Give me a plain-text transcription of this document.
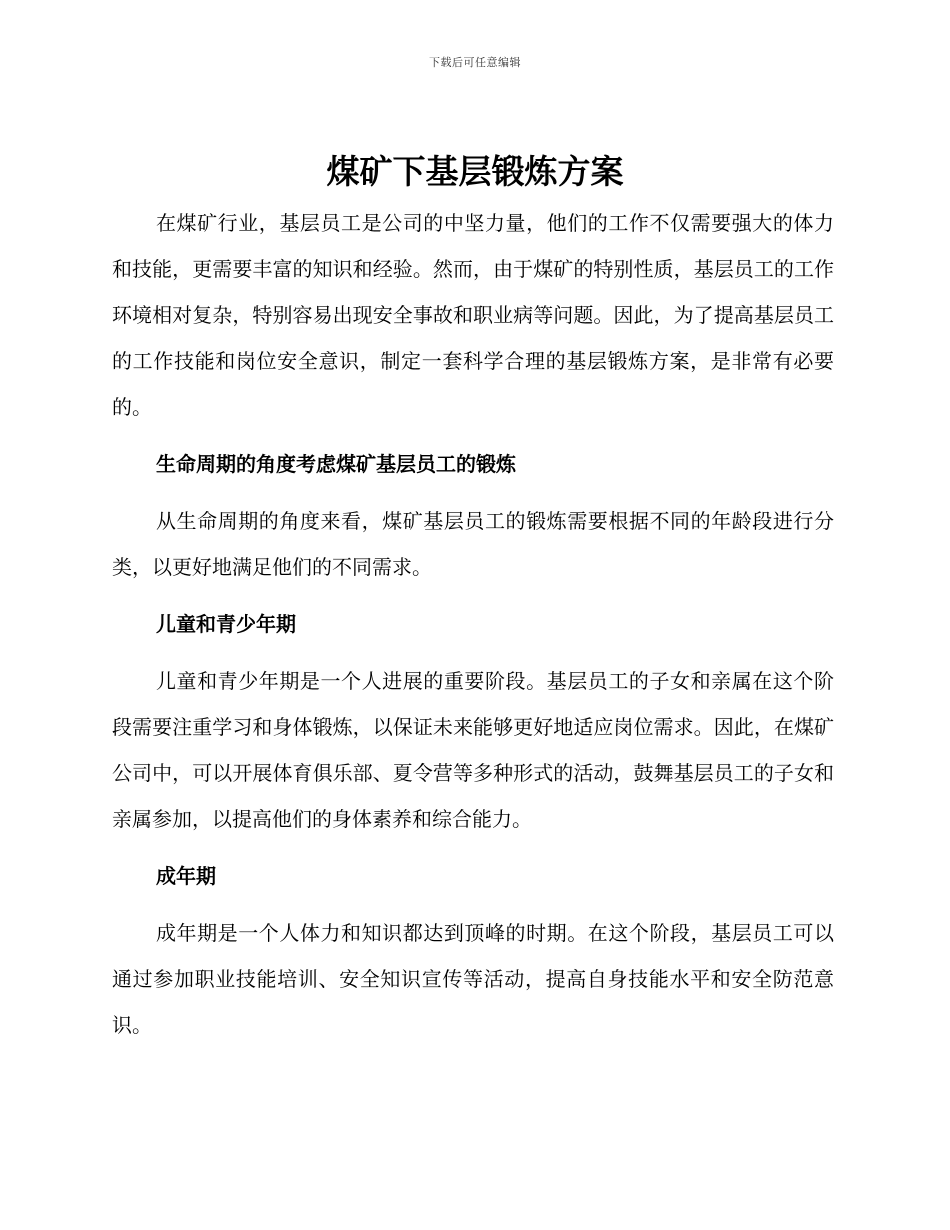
下载后可任意编辑
煤矿下基层锻炼方案

在煤矿行业，基层员工是公司的中坚力量，他们的工作不仅需要强大的体力和技能，更需要丰富的知识和经验。然而，由于煤矿的特别性质，基层员工的工作环境相对复杂，特别容易出现安全事故和职业病等问题。因此，为了提高基层员工的工作技能和岗位安全意识，制定一套科学合理的基层锻炼方案，是非常有必要的。

生命周期的角度考虑煤矿基层员工的锻炼

从生命周期的角度来看，煤矿基层员工的锻炼需要根据不同的年龄段进行分类，以更好地满足他们的不同需求。

儿童和青少年期

儿童和青少年期是一个人进展的重要阶段。基层员工的子女和亲属在这个阶段需要注重学习和身体锻炼，以保证未来能够更好地适应岗位需求。因此，在煤矿公司中，可以开展体育俱乐部、夏令营等多种形式的活动，鼓舞基层员工的子女和亲属参加，以提高他们的身体素养和综合能力。

成年期

成年期是一个人体力和知识都达到顶峰的时期。在这个阶段，基层员工可以通过参加职业技能培训、安全知识宣传等活动，提高自身技能水平和安全防范意识。
